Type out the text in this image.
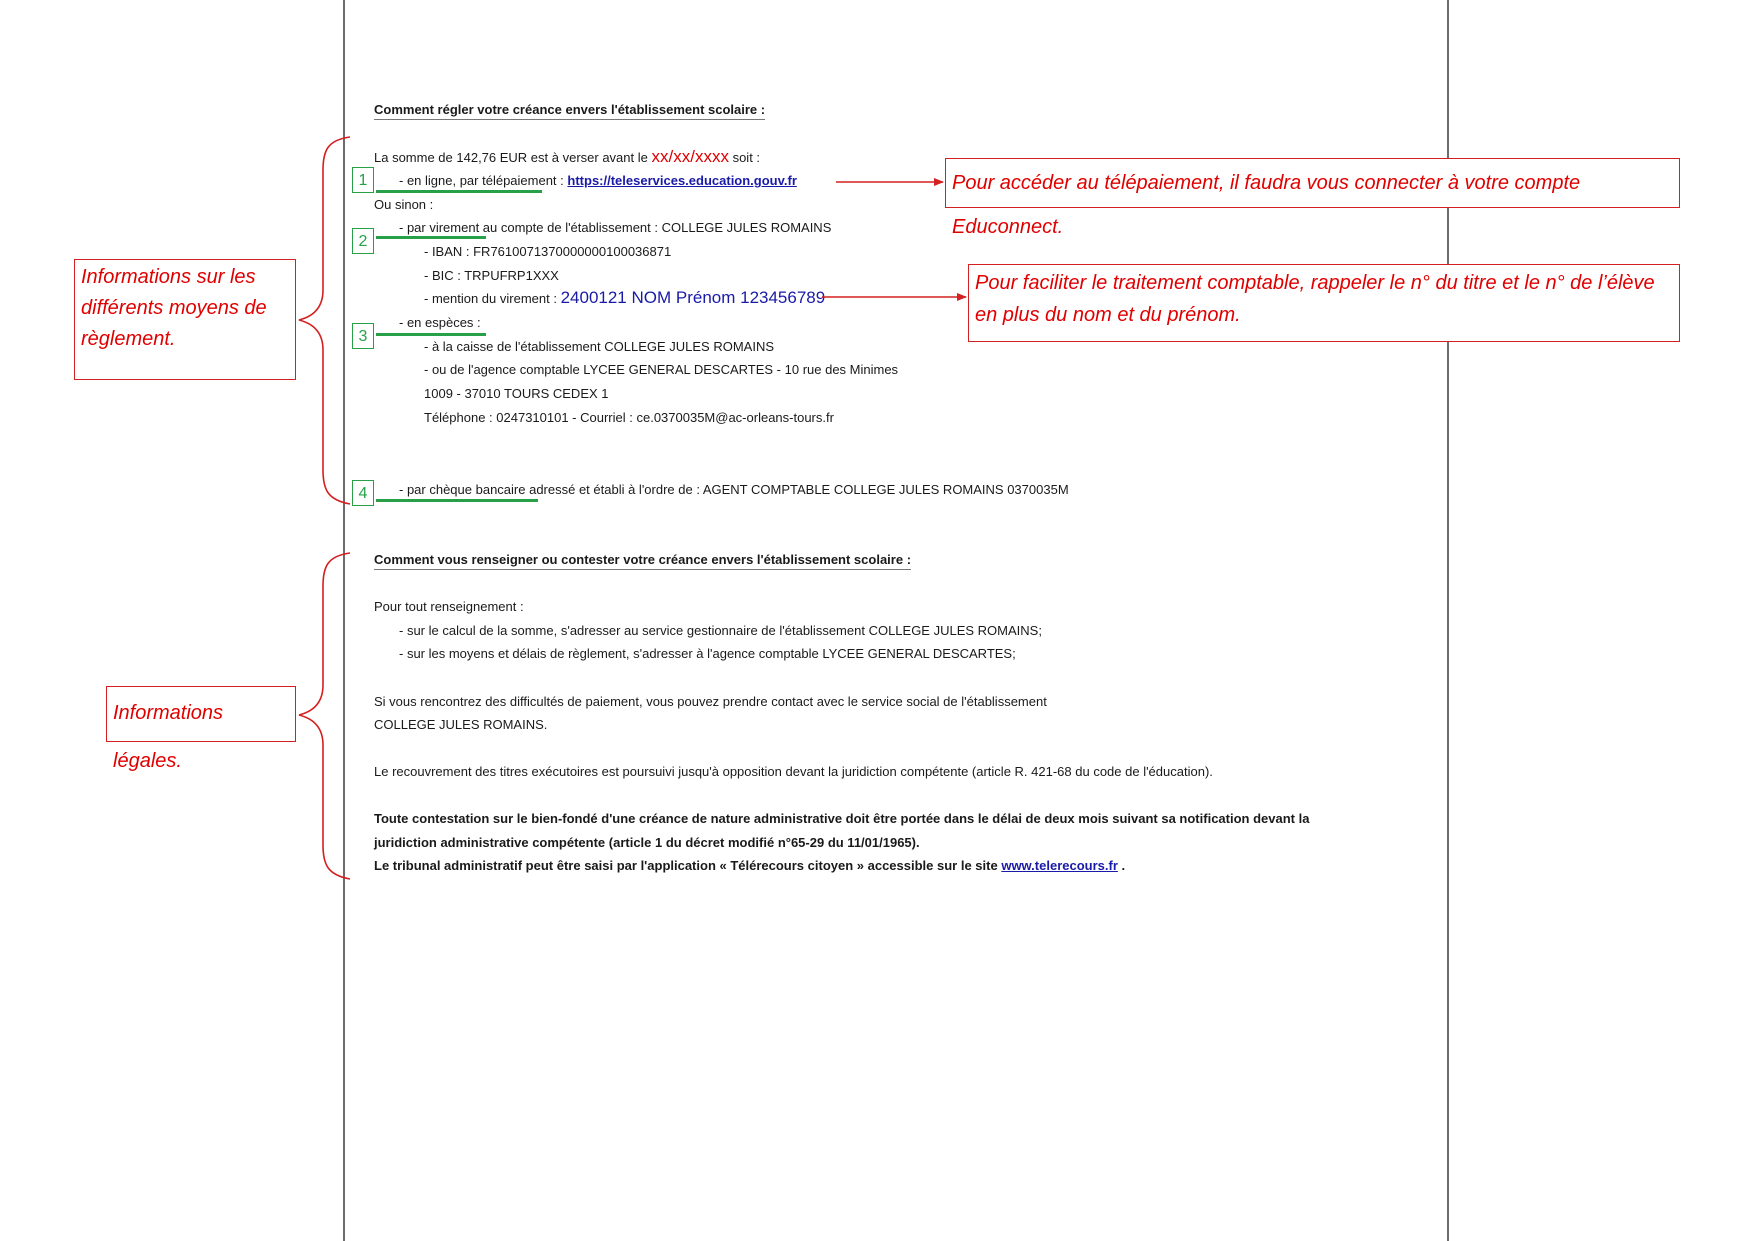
Comment régler votre créance envers l'établissement scolaire :
La somme de 142,76 EUR est à verser avant le xx/xx/xxxx soit :
- en ligne, par télépaiement : https://teleservices.education.gouv.fr
Ou sinon :
- par virement au compte de l'établissement : COLLEGE JULES ROMAINS
- IBAN : FR7610071370000000100036871
- BIC : TRPUFRP1XXX
- mention du virement : 2400121 NOM Prénom 123456789
- en espèces :
- à la caisse de l'établissement COLLEGE JULES ROMAINS
- ou de l'agence comptable LYCEE GENERAL DESCARTES - 10 rue des Minimes
1009 - 37010 TOURS CEDEX 1
Téléphone : 0247310101 - Courriel : ce.0370035M@ac-orleans-tours.fr
- par chèque bancaire adressé et établi à l'ordre de : AGENT COMPTABLE COLLEGE JULES ROMAINS 0370035M
1
2
3
4
Comment vous renseigner ou contester votre créance envers l'établissement scolaire :
Pour tout renseignement :
- sur le calcul de la somme, s'adresser au service gestionnaire de l'établissement COLLEGE JULES ROMAINS;
- sur les moyens et délais de règlement, s'adresser à l'agence comptable LYCEE GENERAL DESCARTES;
Si vous rencontrez des difficultés de paiement, vous pouvez prendre contact avec le service social de l'établissement
COLLEGE JULES ROMAINS.
Le recouvrement des titres exécutoires est poursuivi jusqu'à opposition devant la juridiction compétente (article R. 421-68 du code de l'éducation).
Toute contestation sur le bien-fondé d'une créance de nature administrative doit être portée dans le délai de deux mois suivant sa notification devant la
juridiction administrative compétente (article 1 du décret modifié n°65-29 du 11/01/1965).
Le tribunal administratif peut être saisi par l'application « Télérecours citoyen » accessible sur le site www.telerecours.fr .
Informations sur les différents moyens de règlement.
Informations légales.
Pour accéder au télépaiement, il faudra vous connecter à votre compte Educonnect.
Pour faciliter le traitement comptable, rappeler le n° du titre et le n° de l’élève en plus du nom et du prénom.
